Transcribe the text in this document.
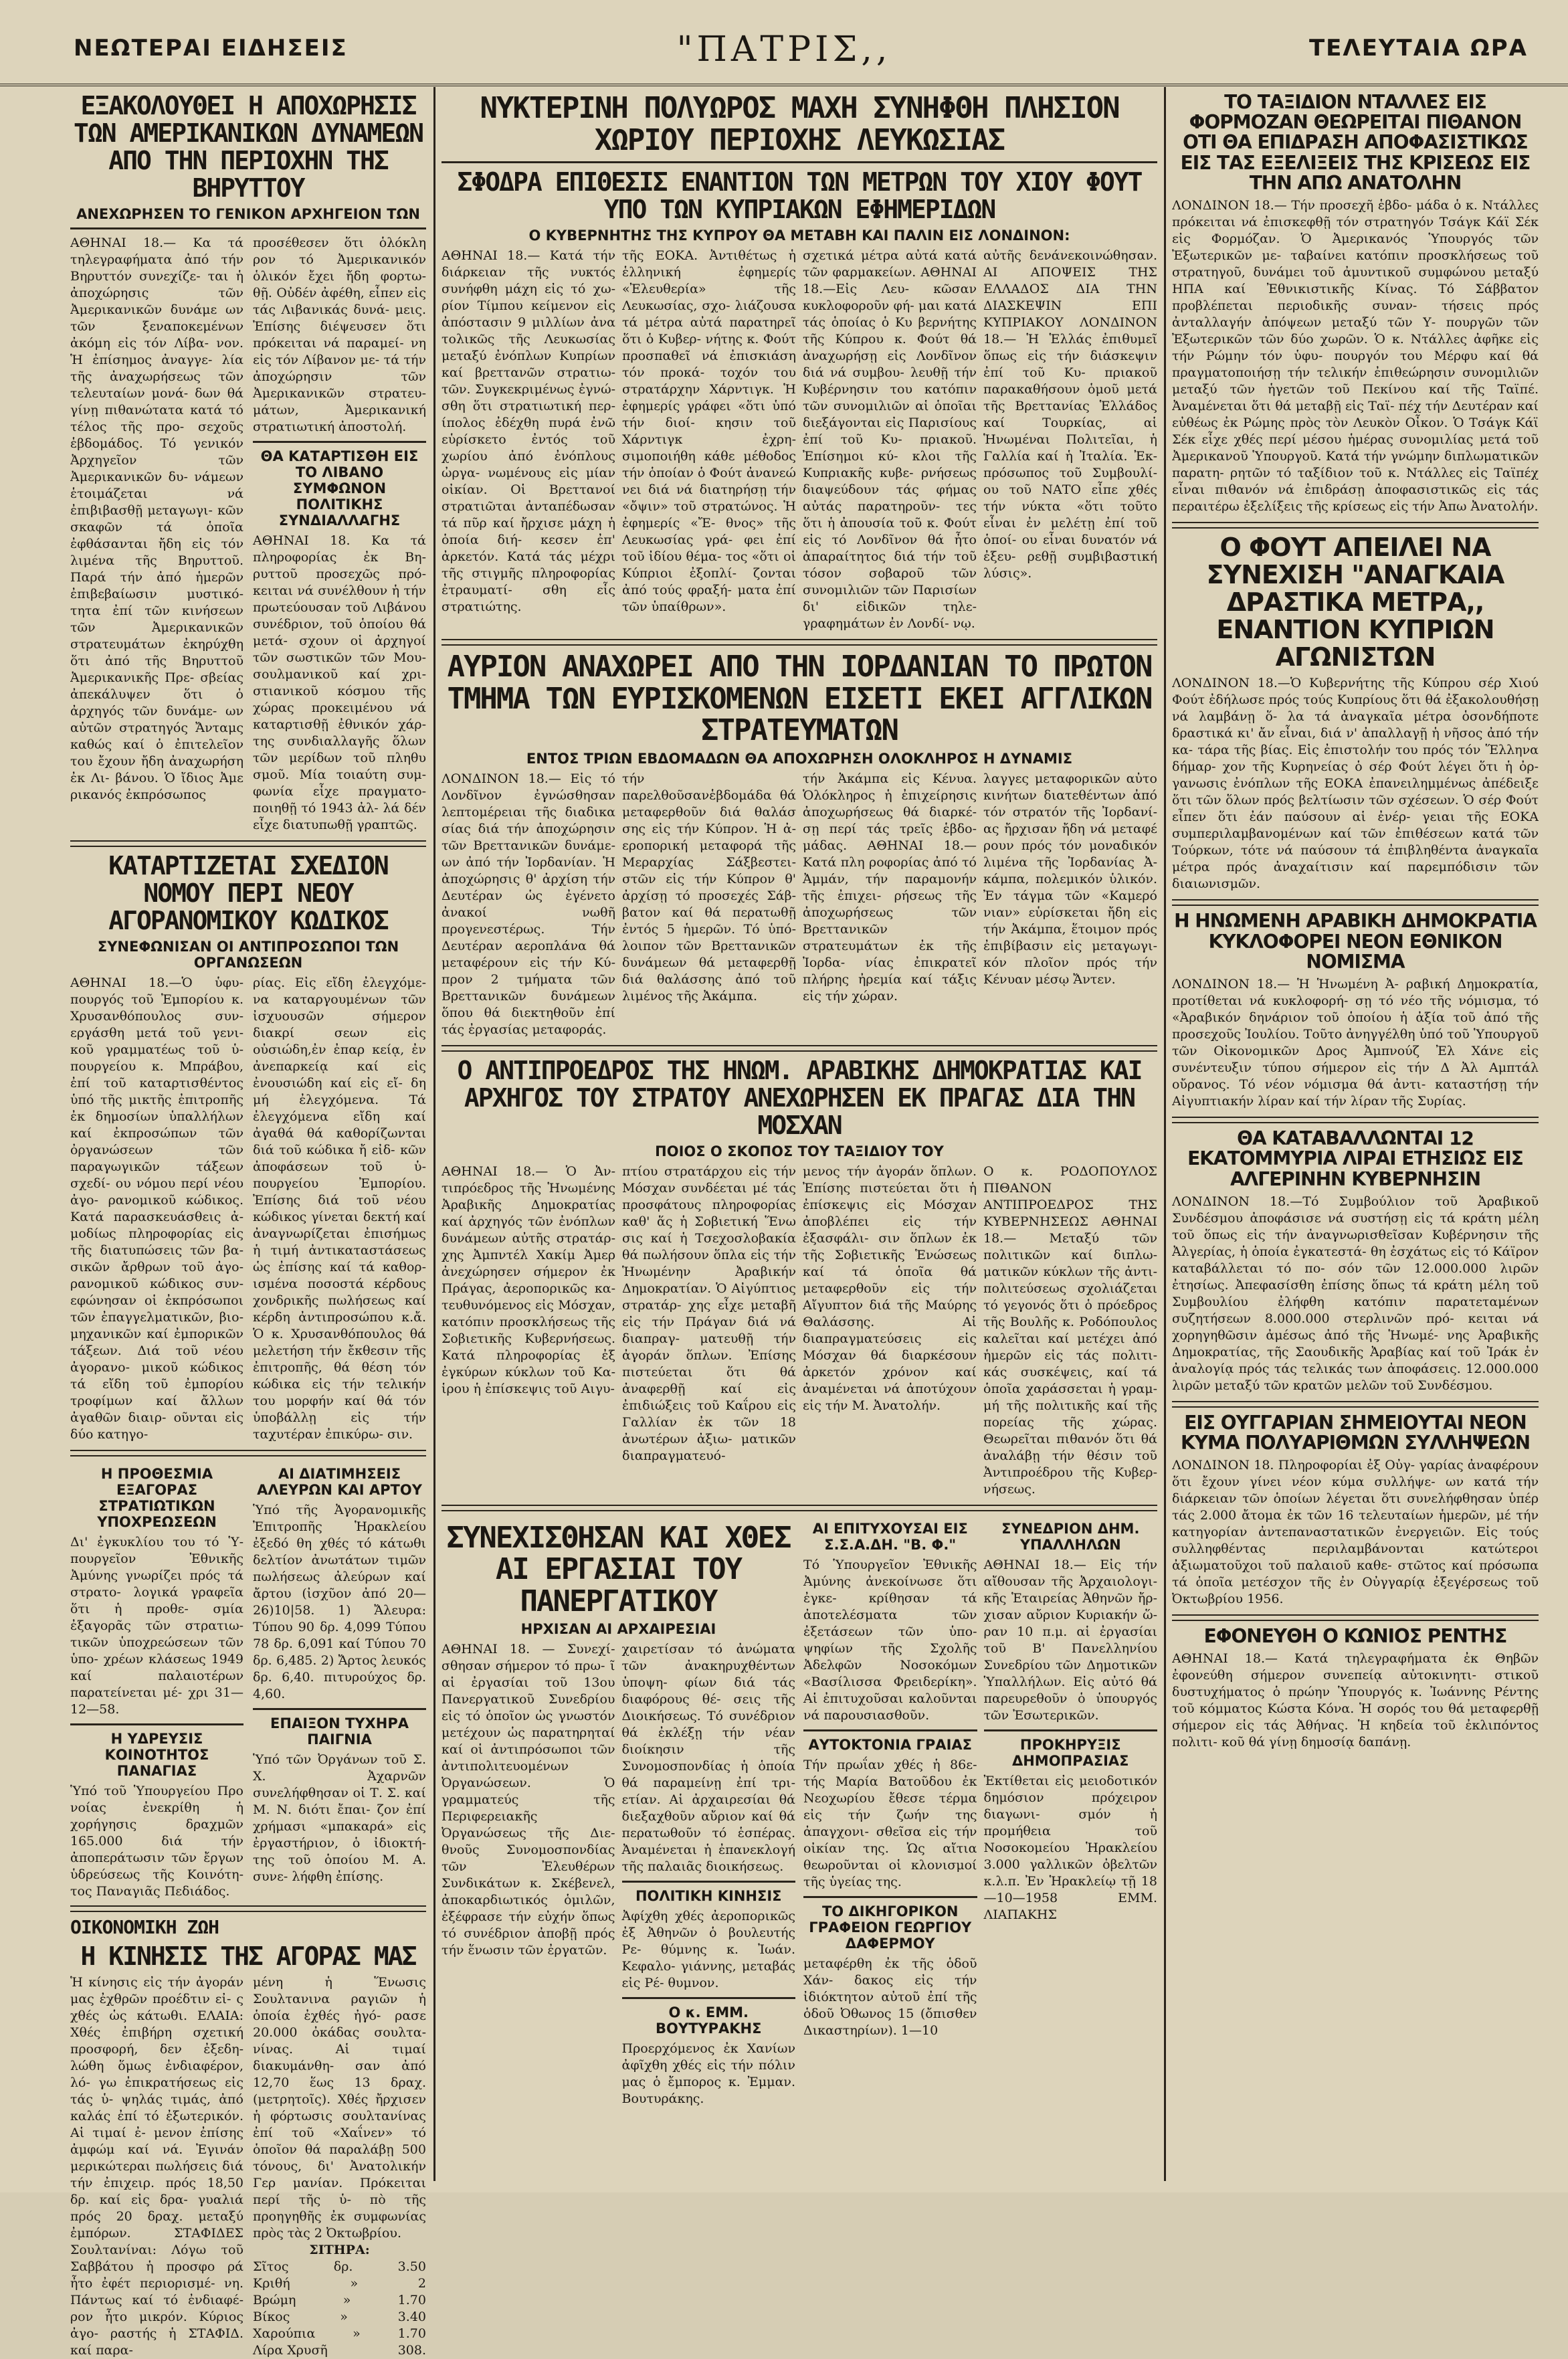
ΝΕΩΤΕΡΑΙ ΕΙΔΗΣΕΙΣ	"ΠΑΤΡΙΣ,,	ΤΕΛΕΥΤΑΙΑ ΩΡΑ
ΕΞΑΚΟΛΟΥΘΕΙ Η ΑΠΟΧΩΡΗΣΙΣ ΤΩΝ ΑΜΕΡΙΚΑΝΙΚΩΝ ΔΥΝΑΜΕΩΝ ΑΠΟ ΤΗΝ ΠΕΡΙΟΧΗΝ ΤΗΣ ΒΗΡΥΤΤΟΥ
ΑΝΕΧΩΡΗΣΕΝ ΤΟ ΓΕΝΙΚΟΝ ΑΡΧΗΓΕΙΟΝ ΤΩΝ
ΑΘΗΝΑΙ 18.— Κα τά τηλεγραφήματα ἀπό τήν Βηρυττόν συνεχίζε- ται ἡ ἀποχώρησις τῶν Ἀμερικανικῶν δυνάμε ων τῶν ξεναποκεμένων ἀκόμη εἰς τόν Λίβα- νον. Ἡ ἐπίσημος ἀναγγε- λία τῆς ἀναχωρήσεως τῶν τελευταίων μονά- δων θά γίνῃ πιθανώτατα κατά τό τέλος τῆς προ- σεχοῦς ἑβδομάδος. Τό γενικόν Ἀρχηγεῖον τῶν Ἀμερικανικῶν δυ- νάμεων ἑτοιμάζεται νά ἐπιβιβασθῇ μεταγωγι- κῶν σκαφῶν τά ὁποῖα ἐφθάσανται ἤδη εἰς τόν λιμένα τῆς Βηρυττοῦ. Παρά τήν ἀπό ἡμερῶν ἐπιβεβαίωσιν μυστικό- τητα ἐπί τῶν κινήσεων τῶν Ἀμερικανικῶν στρατευμάτων ἐκηρύχθη ὅτι ἀπό τῆς Βηρυττοῦ Ἀμερικανικῆς Πρε- σβείας ἀπεκάλυψεν ὅτι ὁ ἀρχηγός τῶν δυνάμε- ων αὐτῶν στρατηγός Ἄνταμς καθώς καί ὁ ἐπιτελεῖον του ἔχουν ἤδη ἀναχωρήση ἐκ Λι- βάνου. Ὁ ἴδιος Ἀμε ρικανός ἐκπρόσωπος
προσέθεσεν ὅτι ὁλόκλη ρον τό Ἀμερικανικόν ὁλικόν ἔχει ἤδη φορτω- θῇ. Οὐδέν ἀφέθη, εἶπεν εἰς τάς Λιβανικάς δυνά- μεις. Ἐπίσης διέψευσεν ὅτι πρόκειται νά παραμεί- νη εἰς τόν Λίβανον με- τά τήν ἀποχώρησιν τῶν Ἀμερικανικῶν στρατευ- μάτων, Ἀμερικανική στρατιωτική ἀποστολή.
ΘΑ ΚΑΤΑΡΤΙΣΘΗ ΕΙΣ ΤΟ ΛΙΒΑΝΟ ΣΥΜΦΩΝΟΝ ΠΟΛΙΤΙΚΗΣ ΣΥΝΔΙΑΛΛΑΓΗΣ
ΑΘΗΝΑΙ 18. Κα τά πληροφορίας ἐκ Βη- ρυττοῦ προσεχῶς πρό- κειται νά συνέλθουν ἡ τήν πρωτεύουσαν τοῦ Λιβάνου συνέδριον, τοῦ ὁποίου θά μετά- σχουν οἱ ἀρχηγοί τῶν σωστικῶν τῶν Μου- σουλμανικοῦ καί χρι- στιανικοῦ κόσμου τῆς χώρας προκειμένου νά καταρτισθῇ ἐθνικόν χάρ- της συνδιαλλαγῆς ὅλων τῶν μερίδων τοῦ πληθυ σμοῦ. Μία τοιαύτη συμ- φωνία εἶχε πραγματο- ποιηθῇ τό 1943 ἀλ- λά δέν εἶχε διατυπωθῇ γραπτῶς.
ΚΑΤΑΡΤΙΖΕΤΑΙ ΣΧΕΔΙΟΝ ΝΟΜΟΥ ΠΕΡΙ ΝΕΟΥ ΑΓΟΡΑΝΟΜΙΚΟΥ ΚΩΔΙΚΟΣ
ΣΥΝΕΦΩΝΙΣΑΝ ΟΙ ΑΝΤΙΠΡΟΣΩΠΟΙ ΤΩΝ ΟΡΓΑΝΩΣΕΩΝ
ΑΘΗΝΑΙ 18.—Ὁ ὑφυ- πουργός τοῦ Ἐμπορίου κ. Χρυσανθόπουλος συν- εργάσθη μετά τοῦ γενι- κοῦ γραμματέως τοῦ ὑ- πουργείου κ. Μπράβου, ἐπί τοῦ καταρτισθέντος ὑπό τῆς μικτῆς ἐπιτροπῆς ἐκ δημοσίων ὑπαλλήλων καί ἐκπροσώπων τῶν ὀργανώσεων τῶν παραγωγικῶν τάξεων σχεδί- ου νόμου περί νέου ἀγο- ρανομικοῦ κώδικος. Κατά παρασκευάσθεις ἀ- μοδίως πληροφορίας εἰς τῆς διατυπώσεις τῶν βα- σικῶν ἄρθρων τοῦ ἀγο- ρανομικοῦ κώδικος συν- εφώνησαν οἱ ἐκπρόσωποι τῶν ἐπαγγελματικῶν, βιο- μηχανικῶν καί ἐμπορικῶν τάξεων. Διά τοῦ νέου ἀγορανο- μικοῦ κώδικος τά εἴδη τοῦ ἐμπορίου τροφίμων καί ἄλλων ἀγαθῶν διαιρ- οῦνται εἰς δύο κατηγο-
ρίας. Εἰς εἴδη ἐλεγχόμε- να καταργουμένων τῶν ἰσχυουσῶν σήμερον διακρί σεων εἰς οὐσιώδη,ἐν ἐπαρ κείᾳ, ἐν ἀνεπαρκείᾳ καί εἰς ἐνουσιώδη καί εἰς εἴ- δη μή ἐλεγχόμενα. Τά ἐλεγχόμενα εἴδη καί ἀγαθά θά καθορίζωνται διά τοῦ κώδικα ἤ εἰδ- κῶν ἀποφάσεων τοῦ ὑ- πουργείου Ἐμπορίου. Ἐπίσης διά τοῦ νέου κώδικος γίνεται δεκτή καί ἀναγνωρίζεται ἐπισήμως ἡ τιμή ἀντικαταστάσεως ὡς ἐπίσης καί τά καθορ- ισμένα ποσοστά κέρδους χονδρικῆς πωλήσεως καί κέρδη ἀντιπροσώπου κ.ἄ. Ὁ κ. Χρυσανθόπουλος θά μελετήση τήν ἔκθεσιν τῆς ἐπιτροπῆς, θά θέση τόν κώδικα εἰς τήν τελικήν του μορφήν καί θά τόν ὑποβάλλῃ εἰς τήν ταχυτέραν ἐπικύρω- σιν.
Η ΠΡΟΘΕΣΜΙΑ ΕΞΑΓΟΡΑΣ ΣΤΡΑΤΙΩΤΙΚΩΝ ΥΠΟΧΡΕΩΣΕΩΝ
Δι' ἐγκυκλίου του τό Ὑ- πουργεῖον Ἐθνικῆς Ἀμύνης γνωρίζει πρός τά στρατο- λογικά γραφεῖα ὅτι ἡ προθε- σμία ἐξαγορᾶς τῶν στρατιω- τικῶν ὑποχρεώσεων τῶν ὑπο- χρέων κλάσεως 1949 καί παλαιοτέρων παρατείνεται μέ- χρι 31—12—58.
Η ΥΔΡΕΥΣΙΣ ΚΟΙΝΟΤΗΤΟΣ ΠΑΝΑΓΙΑΣ
Ὑπό τοῦ Ὑπουργείου Προ νοίας ἐνεκρίθη ἡ χορήγησις δραχμῶν 165.000 διά τήν ἀποπεράτωσιν τῶν ἔργων ὑδρεύσεως τῆς Κοινότη- τος Παναγιᾶς Πεδιάδος.
ΑΙ ΔΙΑΤΙΜΗΣΕΙΣ ΑΛΕΥΡΩΝ ΚΑΙ ΑΡΤΟΥ
Ὑπό τῆς Ἀγορανομικῆς Ἐπιτροπῆς Ἡρακλείου ἐξεδό θη χθές τό κάτωθι δελτίον ἀνωτάτων τιμῶν πωλήσεως ἀλεύρων καί ἄρτου (ἰσχῦον ἀπό 20—26)10|58. 1) Ἄλευρα: Τύπου 90 δρ. 4,099 Τύπου 78 δρ. 6,091 καί Τύπου 70 δρ. 6,485. 2) Ἄρτος λευκός δρ. 6,40. πιτυρούχος δρ. 4,60.
ΕΠΑΙΞΟΝ ΤΥΧΗΡΑ ΠΑΙΓΝΙΑ
Ὑπό τῶν Ὀργάνων τοῦ Σ. Χ. Ἀχαρνῶν συνελήφθησαν οἱ Τ. Σ. καί Μ. Ν. διότι ἔπαι- ζον ἐπί χρήμασι «μπακαρά» εἰς ἐργαστήριον, ὁ ἰδιοκτή- της τοῦ ὁποίου Μ. Α. συνε- λήφθη ἐπίσης.
ΟΙΚΟΝΟΜΙΚΗ ΖΩΗ
Η ΚΙΝΗΣΙΣ ΤΗΣ ΑΓΟΡΑΣ ΜΑΣ
Ἡ κίνησις εἰς τήν ἀγοράν μας ἐχθρῶν προέδτιν εἰ- ς χθές ὡς κάτωθι. ΕΛΑΙΑ: Χθές ἐπιβήρη σχετική προσφορή, δεν ἐξεδη- λώθη ὅμως ἐνδιαφέρον, λό- γω ἐπικρατήσεως εἰς τάς ὑ- ψηλάς τιμάς, ἀπό καλάς ἐπί τό ἐξωτερικόν. Αἱ τιμαί ἐ- μενον ἐπίσης ἀμφώμ καί νά. Ἐγινάν μερικώτεραι πωλήσεις διά τήν ἐπιχειρ. πρός 18,50 δρ. καί εἰς δρα- γυαλιά πρός 20 δραχ. μεταξύ ἐμπόρων. ΣΤΑΦΙΔΕΣ Σουλτανίναι: Λόγω τοῦ Σαββάτου ἡ προσφο ρά ἦτο ἐφέτ περιορισμέ- νη. Πάντως καί τό ἐνδιαφέ- ρον ἦτο μικρόν. Κύριος ἀγο- ραστής ἡ ΣΤΑΦΙΔ. καί παρα-
μένη ἡ Ἕνωσις Σουλτανινα ραγιῶν ἡ ὁποία ἐχθές ἠγό- ρασε 20.000 ὀκάδας σουλτα- νίνας. Αἱ τιμαί διακυμάνθη- σαν ἀπό 12,70 ἕως 13 δραχ. (μετρητοῖς). Χθές ἤρχισεν ἡ φόρτωσις σουλτανίνας ἐπί τοῦ «Χαΐνεν» τό ὁποῖον θά παραλάβῃ 500 τόνους, δι' Ἀνατολικήν Γερ μανίαν. Πρόκειται περί τῆς ὑ- πὸ τῆς προηγηθῆς ἐκ συμφωνίας πρὸς τὰς 2 Ὀκτωβρίου.
ΣΙΤΗΡΑ:
Σῖτος	δρ.	3.50
Κριθή	»	2
Βρώμη	»	1.70
Βίκος	»	3.40
Χαρούπια	»	1.70
Λίρα Χρυσῆ	308.
ΝΥΚΤΕΡΙΝΗ ΠΟΛΥΩΡΟΣ ΜΑΧΗ ΣΥΝΗΦΘΗ ΠΛΗΣΙΟΝ ΧΩΡΙΟΥ ΠΕΡΙΟΧΗΣ ΛΕΥΚΩΣΙΑΣ
ΣΦΟΔΡΑ ΕΠΙΘΕΣΙΣ ΕΝΑΝΤΙΟΝ ΤΩΝ ΜΕΤΡΩΝ ΤΟΥ ΧΙΟΥ ΦΟΥΤ ΥΠΟ ΤΩΝ ΚΥΠΡΙΑΚΩΝ ΕΦΗΜΕΡΙΔΩΝ
Ο ΚΥΒΕΡΝΗΤΗΣ ΤΗΣ ΚΥΠΡΟΥ ΘΑ ΜΕΤΑΒΗ ΚΑΙ ΠΑΛΙΝ ΕΙΣ ΛΟΝΔΙΝΟΝ:
ΑΘΗΝΑΙ 18.— Κατά τήν διάρκειαν τῆς νυκτός συνήφθη μάχη εἰς τό χω- ρίον Τίμπου κείμενον εἰς ἀπόστασιν 9 μιλλίων ἀνα τολικῶς τῆς Λευκωσίας μεταξύ ἐνόπλων Κυπρίων καί βρεττανῶν στρατιω- τῶν. Συγκεκριμένως ἐγνώ- σθη ὅτι στρατιωτική περ- ίπολος ἐδέχθη πυρά ἐνῶ εὑρίσκετο ἐντός τοῦ χωρίου ἀπό ἐνόπλους ὠργα- νωμένους εἰς μίαν οἰκίαν. Οἱ Βρεττανοί στρατιῶται ἀνταπέδωσαν τά πῦρ καί ἤρχισε μάχη ἡ ὁποία διή- κεσεν ἐπ' ἀρκετόν. Κατά τάς μέχρι τῆς στιγμῆς πληροφορίας ἐτραυματί- σθη εἷς στρατιώτης.
τῆς ΕΟΚΑ. Ἀντιθέτως ἡ ἑλληνική ἐφημερίς «Ἐλευθερία» τῆς Λευκωσίας, σχο- λιάζουσα τά μέτρα αὐτά παρατηρεῖ ὅτι ὁ Κυβερ- νήτης κ. Φούτ προσπαθεῖ νά ἐπισκιάση τόν προκά- τοχόν του στρατάρχην Χάρντιγκ. Ἡ ἐφημερίς γράφει «ὅτι ὑπό τήν διοί- κησιν τοῦ Χάρντιγκ ἐχρη- σιμοποιήθη κάθε μέθοδος τήν ὁποίαν ὁ Φούτ ἀνανεώ νει διά νά διατηρήσῃ τήν «ὄψιν» τοῦ στρατώνος. Ἡ ἐφημερίς «Ἔ- θνος» τῆς Λευκωσίας γρά- φει ἐπί τοῦ ἰδίου θέμα- τος «ὅτι οἱ Κύπριοι ἐξοπλί- ζονται ἀπό τούς φραξή- ματα ἐπί τῶν ὑπαίθρων».
σχετικά μέτρα αὐτά κατά τῶν φαρμακείων. ΑΘΗΝΑΙ 18.—Εἰς Λευ- κῶσαν κυκλοφοροῦν φή- μαι κατά τάς ὁποίας ὁ Κυ βερνήτης τῆς Κύπρου κ. Φούτ θά ἀναχωρήσῃ εἰς Λονδῖνον διά νά συμβου- λευθῇ τήν Κυβέρνησιν του κατόπιν τῶν συνομιλιῶν αἱ ὁποῖαι διεξάγονται εἰς Παρισίους ἐπί τοῦ Κυ- πριακοῦ. Ἐπίσημοι κύ- κλοι τῆς Κυπριακῆς κυβε- ρνήσεως διαψεύδουν τάς φήμας αὐτάς παρατηροῦν- τες ὅτι ἡ ἀπουσία τοῦ κ. Φούτ εἰς τό Λονδῖνον θά ἦτο ἀπαραίτητος διά τήν τοῦ τόσον σοβαροῦ τῶν συνομιλιῶν τῶν Παρισίων δι' εἰδικῶν τηλε- γραφημάτων ἐν Λονδί- νῳ.
αὐτῆς δενάνεκοινώθησαν. ΑΙ ΑΠΟΨΕΙΣ ΤΗΣ ΕΛΛΑΔΟΣ ΔΙΑ ΤΗΝ ΔΙΑΣΚΕΨΙΝ ΕΠΙ ΚΥΠΡΙΑΚΟΥ ΛΟΝΔΙΝΟΝ 18.— Ἡ Ἑλλάς ἐπιθυμεῖ ὅπως εἰς τήν διάσκεψιν ἐπί τοῦ Κυ- πριακοῦ παρακαθήσουν ὁμοῦ μετά τῆς Βρεττανίας Ἑλλάδος καί Τουρκίας, αἱ Ἡνωμέναι Πολιτεῖαι, ἡ Γαλλία καί ἡ Ἰταλία. Ἐκ- πρόσωπος τοῦ Συμβουλί- ου τοῦ ΝΑΤΟ εἶπε χθές τήν νύκτα «ὅτι τοῦτο εἶναι ἐν μελέτῃ ἐπί τοῦ ὁποί- ου εἶναι δυνατόν νά ἐξευ- ρεθῇ συμβιβαστική λύσις».
ΑΥΡΙΟΝ ΑΝΑΧΩΡΕΙ ΑΠΟ ΤΗΝ ΙΟΡΔΑΝΙΑΝ ΤΟ ΠΡΩΤΟΝ ΤΜΗΜΑ ΤΩΝ ΕΥΡΙΣΚΟΜΕΝΩΝ ΕΙΣΕΤΙ ΕΚΕΙ ΑΓΓΛΙΚΩΝ ΣΤΡΑΤΕΥΜΑΤΩΝ
ΕΝΤΟΣ ΤΡΙΩΝ ΕΒΔΟΜΑΔΩΝ ΘΑ ΑΠΟΧΩΡΗΣΗ ΟΛΟΚΛΗΡΟΣ Η ΔΥΝΑΜΙΣ
ΛΟΝΔΙΝΟΝ 18.— Εἰς τό Λονδῖνον ἐγνώσθησαν λεπτομέρειαι τῆς διαδικα σίας διά τήν ἀποχώρησιν τῶν Βρεττανικῶν δυνάμε- ων ἀπό τήν Ἰορδανίαν. Ἡ ἀποχώρησις θ' ἀρχίση τήν Δευτέραν ὡς ἐγένετο ἀνακοί νωθῆ προγενεστέρως. Τήν Δευτέραν αεροπλάνα θά μεταφέρουν εἰς τήν Κύ- προν 2 τμήματα τῶν Βρεττανικῶν δυνάμεων ὅπου θά διεκτηθοῦν ἐπί τάς ἐργασίας μεταφοράς.
τήν παρελθοῦσανἑβδομάδα θά μεταφερθοῦν διά θαλάσ σης εἰς τήν Κύπρον. Ἡ ἀ- εροπορική μεταφορά τῆς Μεραρχίας Σάξβεστει- στῶν εἰς τήν Κύπρον θ' ἀρχίσῃ τό προσεχές Σάβ- βατον καί θά περατωθῇ ἐντός 5 ἡμερῶν. Τό ὑπό- λοιπον τῶν Βρεττανικῶν δυνάμεων θά μεταφερθῇ διά θαλάσσης ἀπό τοῦ λιμένος τῆς Ἀκάμπα.
τήν Ἀκάμπα εἰς Κένυα. Ὁλόκληρος ἡ ἐπιχείρησις ἀποχωρήσεως θά διαρκέ- σῃ περί τάς τρεῖς ἑβδο- μάδας. ΑΘΗΝΑΙ 18.— Κατά πλη ροφορίας ἀπό τό Ἀμμάν, τήν παραμονήν τῆς ἐπιχει- ρήσεως τῆς ἀποχωρήσεως τῶν Βρεττανικῶν στρατευμάτων ἐκ τῆς Ἰορδα- νίας ἐπικρατεῖ πλήρης ἠρεμία καί τάξις εἰς τήν χώραν.
λαγγες μεταφορικῶν αὐτο κινήτων διατεθέντων ἀπό τόν στρατόν τῆς Ἰορδανί- ας ἤρχισαν ἤδη νά μεταφέ ρουν πρός τόν μοναδικόν λιμένα τῆς Ἰορδανίας Ἀ- κάμπα, πολεμικόν ὑλικόν. Ἐν τάγμα τῶν «Καμερό νιαν» εὑρίσκεται ἤδη εἰς τήν Ἀκάμπα, ἕτοιμον πρός ἐπιβίβασιν εἰς μεταγωγι- κόν πλοῖον πρός τήν Κένυαν μέσῳ Ἄντεν.
Ο ΑΝΤΙΠΡΟΕΔΡΟΣ ΤΗΣ ΗΝΩΜ. ΑΡΑΒΙΚΗΣ ΔΗΜΟΚΡΑΤΙΑΣ ΚΑΙ ΑΡΧΗΓΟΣ ΤΟΥ ΣΤΡΑΤΟΥ ΑΝΕΧΩΡΗΣΕΝ ΕΚ ΠΡΑΓΑΣ ΔΙΑ ΤΗΝ ΜΟΣΧΑΝ
ΠΟΙΟΣ Ο ΣΚΟΠΟΣ ΤΟΥ ΤΑΞΙΔΙΟΥ ΤΟΥ
ΑΘΗΝΑΙ 18.— Ὁ Ἀν- τιπρόεδρος τῆς Ἡνωμένης Ἀραβικῆς Δημοκρατίας καί ἀρχηγός τῶν ἐνόπλων δυνάμεων αὐτῆς στρατάρ- χης Ἀμπντέλ Χακίμ Ἀμερ ἀνεχώρησεν σήμερον ἐκ Πράγας, ἀεροπορικῶς κα- τευθυνόμενος εἰς Μόσχαν, κατόπιν προσκλήσεως τῆς Σοβιετικῆς Κυβερνήσεως. Κατά πληροφορίας ἐξ ἐγκύρων κύκλων τοῦ Κα- ἱρου ἡ ἐπίσκεψις τοῦ Αιγυ-
πτίου στρατάρχου εἰς τήν Μόσχαν συνδέεται μέ τάς προσφάτους πληροφορίας καθ' ἅς ἡ Σοβιετική Ἕνω σις καί ἡ Τσεχοσλοβακία θά πωλήσουν ὅπλα εἰς τήν Ἡνωμένην Ἀραβικήν Δημοκρατίαν. Ὁ Αἰγύπτιος στρατάρ- χης εἶχε μεταβῆ εἰς τήν Πράγαν διά νά διαπραγ- ματευθῇ τήν ἀγοράν ὅπλων. Ἐπίσης πιστεύεται ὅτι θά ἀναφερθῇ καί εἰς ἐπιδιώξεις τοῦ Καΐρου εἰς Γαλλίαν ἐκ τῶν 18 ἀνωτέρων ἀξιω- ματικῶν διαπραγματευό-
μενος τήν ἀγοράν ὅπλων. Ἐπίσης πιστεύεται ὅτι ἡ ἐπίσκεψις εἰς Μόσχαν ἀποβλέπει εἰς τήν ἐξασφάλι- σιν ὅπλων ἐκ τῆς Σοβιετικῆς Ἑνώσεως καί τά ὁποῖα θά μεταφερθοῦν εἰς τήν Αἴγυπτον διά τῆς Μαύρης Θαλάσσης. Αἱ διαπραγματεύσεις εἰς Μόσχαν θά διαρκέσουν ἀρκετόν χρόνον καί ἀναμένεται νά ἀποτύχουν εἰς τήν Μ. Ἀνατολήν.
Ο κ. ΡΟΔΟΠΟΥΛΟΣ ΠΙΘΑΝΟΝ ΑΝΤΙΠΡΟΕΔΡΟΣ ΤΗΣ ΚΥΒΕΡΝΗΣΕΩΣ ΑΘΗΝΑΙ 18.— Μεταξύ τῶν πολιτικῶν καί διπλω- ματικῶν κύκλων τῆς ἀντι- πολιτεύσεως σχολιάζεται τό γεγονός ὅτι ὁ πρόεδρος τῆς Βουλῆς κ. Ροδόπουλος καλεῖται καί μετέχει ἀπό ἡμερῶν εἰς τάς πολιτι- κάς συσκέψεις, καί τά ὁποῖα χαράσσεται ἡ γραμ- μή τῆς πολιτικῆς καί τῆς πορείας τῆς χώρας. Θεωρεῖται πιθανόν ὅτι θά ἀναλάβῃ τήν θέσιν τοῦ Ἀντιπροέδρου τῆς Κυβερ- νήσεως.
ΣΥΝΕΧΙΣΘΗΣΑΝ ΚΑΙ ΧΘΕΣ ΑΙ ΕΡΓΑΣΙΑΙ ΤΟΥ ΠΑΝΕΡΓΑΤΙΚΟΥ
ΗΡΧΙΣΑΝ ΑΙ ΑΡΧΑΙΡΕΣΙΑΙ
ΑΘΗΝΑΙ 18. — Συνεχί- σθησαν σήμερον τό πρω- ῖ αἱ ἐργασίαι τοῦ 13ου Πανεργατικοῦ Συνεδρίου εἰς τό ὁποῖον ὡς γνωστόν μετέχουν ὡς παρατηρηταί καί οἱ ἀντιπρόσωποι τῶν ἀντιπολιτευομένων Ὀργανώσεων. Ὁ γραμματεύς τῆς Περιφερειακῆς Ὀργανώσεως τῆς Διε- θνοῦς Συνομοσπονδίας τῶν Ἐλευθέρων Συνδικάτων κ. Σκέβενελ, ἀποκαρδιωτικός ὁμιλῶν, ἐξέφρασε τήν εὐχήν ὅπως τό συνέδριον ἀποβῇ πρός τήν ἕνωσιν τῶν ἐργατῶν.
χαιρετίσαν τό ἀνώματα τῶν ἀνακηρυχθέντων ὑποψη- φίων διά τάς διαφόρους θέ- σεις τῆς Διοικήσεως. Τό συνέδριον θά ἐκλέξῃ τήν νέαν διοίκησιν τῆς Συνομοσπονδίας ἡ ὁποία θά παραμείνῃ ἐπί τρι- ετίαν. Αἱ ἀρχαιρεσίαι θά διεξαχθοῦν αὔριον καί θά περατωθοῦν τό ἑσπέρας. Ἀναμένεται ἡ ἐπανεκλογή τῆς παλαιᾶς διοικήσεως.
ΠΟΛΙΤΙΚΗ ΚΙΝΗΣΙΣ
Ἀφίχθη χθές ἀεροπορικῶς ἐξ Ἀθηνῶν ὁ βουλευτής Ρε- θύμνης κ. Ἰωάν. Κεφαλο- γιάννης, μεταβάς εἰς Ρέ- θυμνον.
Ο κ. ΕΜΜ. ΒΟΥΤΥΡΑΚΗΣ
Προερχόμενος ἐκ Χανίων ἀφῖχθη χθές εἰς τήν πόλιν μας ὁ ἔμπορος κ. Ἐμμαν. Βουτυράκης.
ΑΙ ΕΠΙΤΥΧΟΥΣΑΙ ΕΙΣ Σ.Σ.Α.ΔΗ. "Β. Φ."
Τό Ὑπουργεῖον Ἐθνικῆς Ἀμύνης ἀνεκοίνωσε ὅτι ἐγκε- κρίθησαν τά ἀποτελέσματα τῶν ἐξετάσεων τῶν ὑπο- ψηφίων τῆς Σχολῆς Ἀδελφῶν Νοσοκόμων «Βασίλισσα Φρειδερίκη». Αἱ ἐπιτυχοῦσαι καλοῦνται νά παρουσιασθοῦν.
ΑΥΤΟΚΤΟΝΙΑ ΓΡΑΙΑΣ
Τήν πρωΐαν χθές ἡ 86ε- τής Μαρία Βατοῦδου ἐκ Νεοχωρίου ἔθεσε τέρμα εἰς τήν ζωήν της ἀπαγχονι- σθεῖσα εἰς τήν οἰκίαν της. Ὡς αἴτια θεωροῦνται οἱ κλονισμοί τῆς ὑγείας της.
ΤΟ ΔΙΚΗΓΟΡΙΚΟΝ ΓΡΑΦΕΙΟΝ ΓΕΩΡΓΙΟΥ ΔΑΦΕΡΜΟΥ
μεταφέρθη ἐκ τῆς ὁδοῦ Χάν- δακος εἰς τήν ἰδιόκτητον αὐτοῦ ἐπί τῆς ὁδοῦ Ὀθωνος 15 (ὄπισθεν Δικαστηρίων). 1—10
ΣΥΝΕΔΡΙΟΝ ΔΗΜ. ΥΠΑΛΛΗΛΩΝ
ΑΘΗΝΑΙ 18.— Εἰς τήν αἴθουσαν τῆς Ἀρχαιολογι- κῆς Ἑταιρείας Ἀθηνῶν ἤρ- χισαν αὔριον Κυριακήν ὥ- ραν 10 π.μ. αἱ ἐργασίαι τοῦ Β' Πανελληνίου Συνεδρίου τῶν Δημοτικῶν Ὑπαλλήλων. Εἰς αὐτό θά παρευρεθοῦν ὁ ὑπουργός τῶν Ἐσωτερικῶν.
ΠΡΟΚΗΡΥΞΙΣ ΔΗΜΟΠΡΑΣΙΑΣ
Ἐκτίθεται εἰς μειοδοτικόν δημόσιον πρόχειρον διαγωνι- σμόν ἡ προμήθεια τοῦ Νοσοκομείου Ἡρακλείου 3.000 γαλλικῶν ὀβελτῶν κ.λ.π. Ἐν Ἡρακλείῳ τῇ 18—10—1958 ΕΜΜ. ΛΙΑΠΑΚΗΣ
ΤΟ ΤΑΞΙΔΙΟΝ ΝΤΑΛΛΕΣ ΕΙΣ ΦΟΡΜΟΖΑΝ ΘΕΩΡΕΙΤΑΙ ΠΙΘΑΝΟΝ ΟΤΙ ΘΑ ΕΠΙΔΡΑΣΗ ΑΠΟΦΑΣΙΣΤΙΚΩΣ ΕΙΣ ΤΑΣ ΕΞΕΛΙΞΕΙΣ ΤΗΣ ΚΡΙΣΕΩΣ ΕΙΣ ΤΗΝ ΑΠΩ ΑΝΑΤΟΛΗΝ
ΛΟΝΔΙΝΟΝ 18.— Τήν προσεχῆ ἑβδο- μάδα ὁ κ. Ντάλλες πρόκειται νά ἐπισκεφθῇ τόν στρατηγόν Τσάγκ Κάϊ Σέκ εἰς Φορμόζαν. Ὁ Ἀμερικανός Ὑπουργός τῶν Ἐξωτερικῶν με- ταβαίνει κατόπιν προσκλήσεως τοῦ στρατηγοῦ, δυνάμει τοῦ ἀμυντικοῦ συμφώνου μεταξύ ΗΠΑ καί Ἐθνικιστικῆς Κίνας. Τό Σάββατον προβλέπεται περιοδικῆς συναν- τήσεις πρός ἀνταλλαγήν ἀπόψεων μεταξύ τῶν Υ- πουργῶν τῶν Ἐξωτερικῶν τῶν δύο χωρῶν. Ὁ κ. Ντάλλες ἀφῆκε εἰς τήν Ρώμην τόν ὑφυ- πουργόν του Μέρφυ καί θά πραγματοποιήσῃ τήν τελικήν ἐπιθεώρησιν συνομιλιῶν μεταξύ τῶν ἡγετῶν τοῦ Πεκίνου καί τῆς Ταϊπέ. Ἀναμένεται ὅτι θά μεταβῇ εἰς Ταϊ- πέχ τήν Δευτέραν καί εὐθέως ἐκ Ρώμης πρὸς τὸν Λευκὸν Οἶκον. Ὁ Τσάγκ Κάϊ Σέκ εἶχε χθές περί μέσου ἡμέρας συνομιλίας μετά τοῦ Ἀμερικανοῦ Ὑπουργοῦ. Κατά τήν γνώμην διπλωματικῶν παρατη- ρητῶν τό ταξίδιον τοῦ κ. Ντάλλες εἰς Ταϊπέχ εἶναι πιθανόν νά ἐπιδράσῃ ἀποφασιστικῶς εἰς τάς περαιτέρω ἐξελίξεις τῆς κρίσεως εἰς τήν Ἀπω Ἀνατολήν.
Ο ΦΟΥΤ ΑΠΕΙΛΕΙ ΝΑ ΣΥΝΕΧΙΣΗ "ΑΝΑΓΚΑΙΑ ΔΡΑΣΤΙΚΑ ΜΕΤΡΑ,, ΕΝΑΝΤΙΟΝ ΚΥΠΡΙΩΝ ΑΓΩΝΙΣΤΩΝ
ΛΟΝΔΙΝΟΝ 18.—Ὁ Κυβερνήτης τῆς Κύπρου σέρ Χιού Φούτ ἐδήλωσε πρός τούς Κυπρίους ὅτι θά ἐξακολουθήσῃ νά λαμβάνῃ ὅ- λα τά ἀναγκαῖα μέτρα ὁσονδήποτε δραστικά κι' ἄν εἶναι, διά ν' ἀπαλλαγῇ ἡ νῆσος ἀπό τήν κα- τάρα τῆς βίας. Εἰς ἐπιστολήν του πρός τόν Ἕλληνα δήμαρ- χον τῆς Κυρηνείας ὁ σέρ Φούτ λέγει ὅτι ἡ ὀρ- γανωσις ἐνόπλων τῆς ΕΟΚΑ ἐπανειλημμένως ἀπέδειξε ὅτι τῶν ὅλων πρός βελτίωσιν τῶν σχέσεων. Ὁ σέρ Φούτ εἶπεν ὅτι ἐάν παύσουν αἱ ἐνέρ- γειαι τῆς ΕΟΚΑ συμπεριλαμβανομένων καί τῶν ἐπιθέσεων κατά τῶν Τούρκων, τότε νά παύσουν τά ἐπιβληθέντα ἀναγκαῖα μέτρα πρός ἀναχαίτισιν καί παρεμπόδισιν τῶν διαιωνισμῶν.
Η ΗΝΩΜΕΝΗ ΑΡΑΒΙΚΗ ΔΗΜΟΚΡΑΤΙΑ ΚΥΚΛΟΦΟΡΕΙ ΝΕΟΝ ΕΘΝΙΚΟΝ ΝΟΜΙΣΜΑ
ΛΟΝΔΙΝΟΝ 18.— Ἡ Ἡνωμένη Ἀ- ραβική Δημοκρατία, προτίθεται νά κυκλοφορή- σῃ τό νέο τῆς νόμισμα, τό «Ἀραβικόν δηνάριον τοῦ ὁποίου ἡ ἀξία τοῦ ἀπό τῆς προσεχοῦς Ἰουλίου. Τοῦτο ἀνηγγέλθη ὑπό τοῦ Ὑπουργοῦ τῶν Οἰκονομικῶν Δρος Ἀμπνούζ Ἐλ Χάνε εἰς συνέντευξιν τύπου σήμερον εἰς τήν Δ Ἀλ Αμπτάλ οὔρανος. Τό νέον νόμισμα θά ἀντι- καταστήσῃ τήν Αἰγυπτιακήν λίραν καί τήν λίραν τῆς Συρίας.
ΘΑ ΚΑΤΑΒΑΛΛΩΝΤΑΙ 12 ΕΚΑΤΟΜΜΥΡΙΑ ΛΙΡΑΙ ΕΤΗΣΙΩΣ ΕΙΣ ΑΛΓΕΡΙΝΗΝ ΚΥΒΕΡΝΗΣΙΝ
ΛΟΝΔΙΝΟΝ 18.—Τό Συμβούλιον τοῦ Ἀραβικοῦ Συνδέσμου ἀποφάσισε νά συστήσῃ εἰς τά κράτη μέλη τοῦ ὅπως εἰς τήν ἀναγνωρισθεῖσαν Κυβέρνησιν τῆς Ἀλγερίας, ἡ ὁποία ἐγκατεστά- θη ἐσχάτως εἰς τό Κάϊρον καταβάλλεται τό πο- σόν τῶν 12.000.000 λιρῶν ἐτησίως. Ἀπεφασίσθη ἐπίσης ὅπως τά κράτη μέλη τοῦ Συμβουλίου ἐλήφθη κατόπιν παρατεταμένων συζητήσεων 8.000.000 στερλινῶν πρό- κειται νά χορηγηθῶσιν ἀμέσως ἀπό τῆς Ἡνωμέ- νης Ἀραβικῆς Δημοκρατίας, τῆς Σαουδικῆς Ἀραβίας καί τοῦ Ἰράκ ἐν ἀναλογίᾳ πρός τάς τελικάς των ἀποφάσεις. 12.000.000 λιρῶν μεταξύ τῶν κρατῶν μελῶν τοῦ Συνδέσμου.
ΕΙΣ ΟΥΓΓΑΡΙΑΝ ΣΗΜΕΙΟΥΤΑΙ ΝΕΟΝ ΚΥΜΑ ΠΟΛΥΑΡΙΘΜΩΝ ΣΥΛΛΗΨΕΩΝ
ΛΟΝΔΙΝΟΝ 18. Πληροφορίαι ἐξ Οὐγ- γαρίας ἀναφέρουν ὅτι ἔχουν γίνει νέον κύμα συλλήψε- ων κατά τήν διάρκειαν τῶν ὁποίων λέγεται ὅτι συνελήφθησαν ὑπέρ τάς 2.000 ἄτομα ἐκ τῶν 16 τελευταίων ἡμερῶν, μέ τήν κατηγορίαν ἀντεπαναστατικῶν ἐνεργειῶν. Εἰς τούς συλληφθέντας περιλαμβάνονται κατώτεροι ἀξιωματοῦχοι τοῦ παλαιοῦ καθε- στῶτος καί πρόσωπα τά ὁποῖα μετέσχον τῆς ἐν Οὐγγαρίᾳ ἐξεγέρσεως τοῦ Ὀκτωβρίου 1956.
ΕΦΟΝΕΥΘΗ Ο ΚΩΝΙΟΣ ΡΕΝΤΗΣ
ΑΘΗΝΑΙ 18.— Κατά τηλεγραφήματα ἐκ Θηβῶν ἐφονεύθη σήμερον συνεπείᾳ αὐτοκινητι- στικοῦ δυστυχήματος ὁ πρώην Ὑπουργός κ. Ἰωάννης Ρέντης τοῦ κόμματος Κώστα Κόνα. Ἡ σορός του θά μεταφερθῇ σήμερον εἰς τάς Ἀθήνας. Ἡ κηδεία τοῦ ἐκλιπόντος πολιτι- κοῦ θά γίνῃ δημοσίᾳ δαπάνῃ.
